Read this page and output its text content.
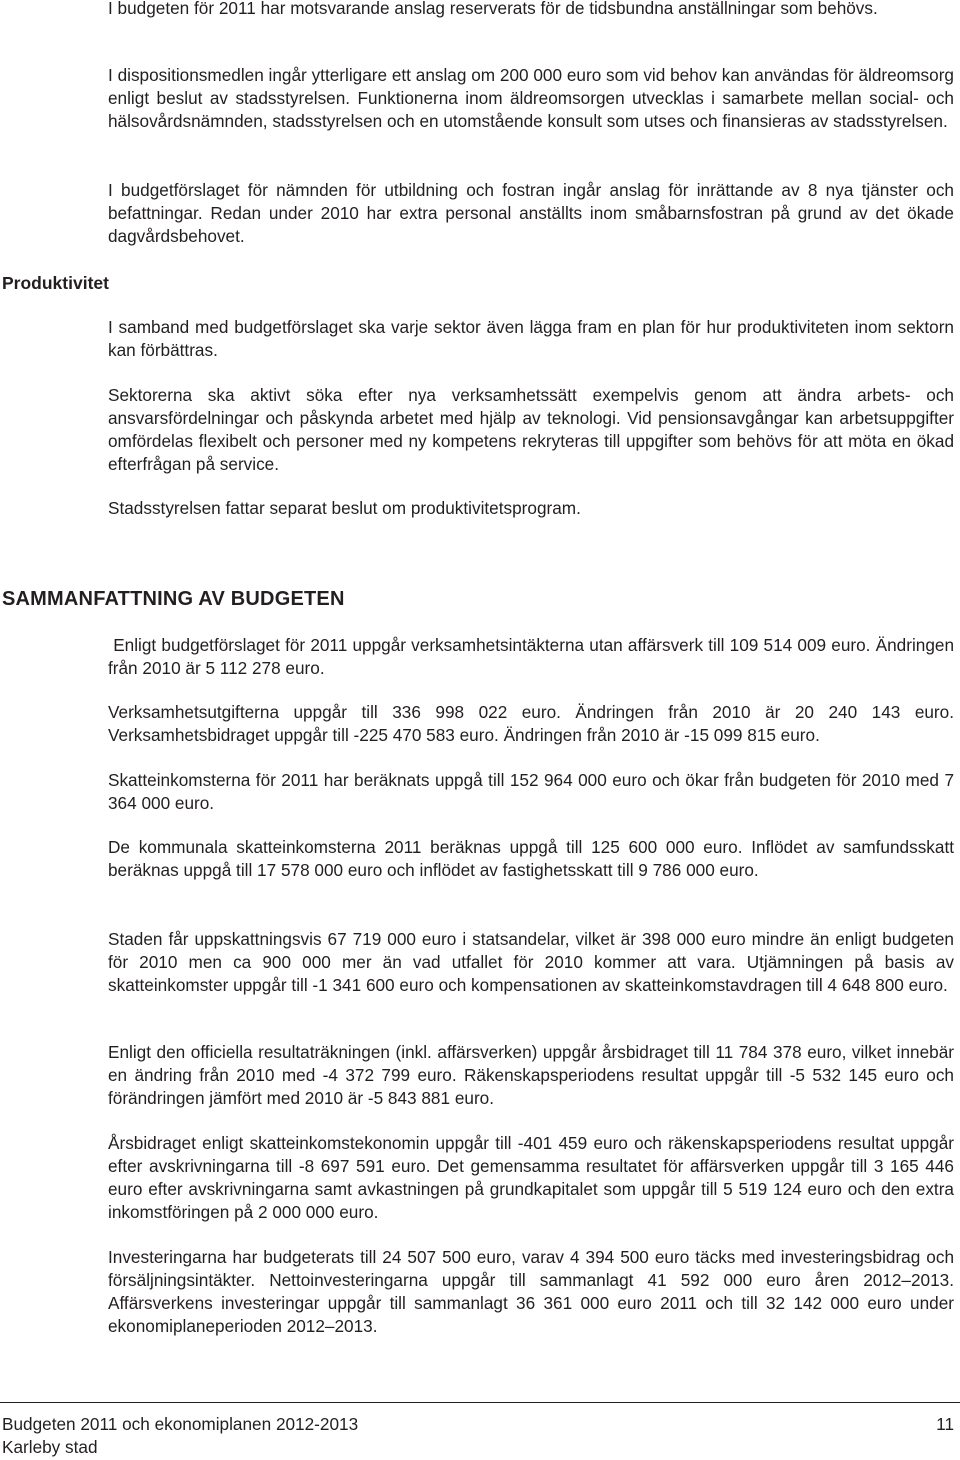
I budgeten för 2011 har motsvarande anslag reserverats för de tidsbundna anställningar som behövs.

I dispositionsmedlen ingår ytterligare ett anslag om 200 000 euro som vid behov kan användas för äldreomsorg enligt beslut av stadsstyrelsen. Funktionerna inom äldreomsorgen utvecklas i samarbete mellan social- och hälsovårdsnämnden, stadsstyrelsen och en utomstående konsult som utses och finansieras av stadsstyrelsen.

I budgetförslaget för nämnden för utbildning och fostran ingår anslag för inrättande av 8 nya tjänster och befattningar. Redan under 2010 har extra personal anställts inom småbarnsfostran på grund av det ökade dagvårdsbehovet.

Produktivitet

I samband med budgetförslaget ska varje sektor även lägga fram en plan för hur produktiviteten inom sektorn kan förbättras.

Sektorerna ska aktivt söka efter nya verksamhetssätt exempelvis genom att ändra arbets- och ansvarsfördelningar och påskynda arbetet med hjälp av teknologi. Vid pensionsavgångar kan arbetsuppgifter omfördelas flexibelt och personer med ny kompetens rekryteras till uppgifter som behövs för att möta en ökad efterfrågan på service.

Stadsstyrelsen fattar separat beslut om produktivitetsprogram.

SAMMANFATTNING AV BUDGETEN

Enligt budgetförslaget för 2011 uppgår verksamhetsintäkterna utan affärsverk till 109 514 009 euro. Ändringen från 2010 är 5 112 278 euro.

Verksamhetsutgifterna uppgår till 336 998 022 euro. Ändringen från 2010 är 20 240 143 euro. Verksamhetsbidraget uppgår till -225 470 583 euro. Ändringen från 2010 är -15 099 815 euro.

Skatteinkomsterna för 2011 har beräknats uppgå till 152 964 000 euro och ökar från budgeten för 2010 med 7 364 000 euro.

De kommunala skatteinkomsterna 2011 beräknas uppgå till 125 600 000 euro. Inflödet av samfundsskatt beräknas uppgå till 17 578 000 euro och inflödet av fastighetsskatt till 9 786 000 euro.

Staden får uppskattningsvis 67 719 000 euro i statsandelar, vilket är 398 000 euro mindre än enligt budgeten för 2010 men ca 900 000 mer än vad utfallet för 2010 kommer att vara. Utjämningen på basis av skatteinkomster uppgår till -1 341 600 euro och kompensationen av skatteinkomstavdragen till 4 648 800 euro.

Enligt den officiella resultaträkningen (inkl. affärsverken) uppgår årsbidraget till 11 784 378 euro, vilket innebär en ändring från 2010 med -4 372 799 euro. Räkenskapsperiodens resultat uppgår till -5 532 145 euro och förändringen jämfört med 2010 är -5 843 881 euro.

Årsbidraget enligt skatteinkomstekonomin uppgår till -401 459 euro och räkenskapsperiodens resultat uppgår efter avskrivningarna till -8 697 591 euro. Det gemensamma resultatet för affärsverken uppgår till 3 165 446 euro efter avskrivningarna samt avkastningen på grundkapitalet som uppgår till 5 519 124 euro och den extra inkomstföringen på 2 000 000 euro.

Investeringarna har budgeterats till 24 507 500 euro, varav 4 394 500 euro täcks med investeringsbidrag och försäljningsintäkter. Nettoinvesteringarna uppgår till sammanlagt 41 592 000 euro åren 2012–2013. Affärsverkens investeringar uppgår till sammanlagt 36 361 000 euro 2011 och till 32 142 000 euro under ekonomiplaneperioden 2012–2013.

Budgeten 2011 och ekonomiplanen 2012-2013

Karleby stad

11
